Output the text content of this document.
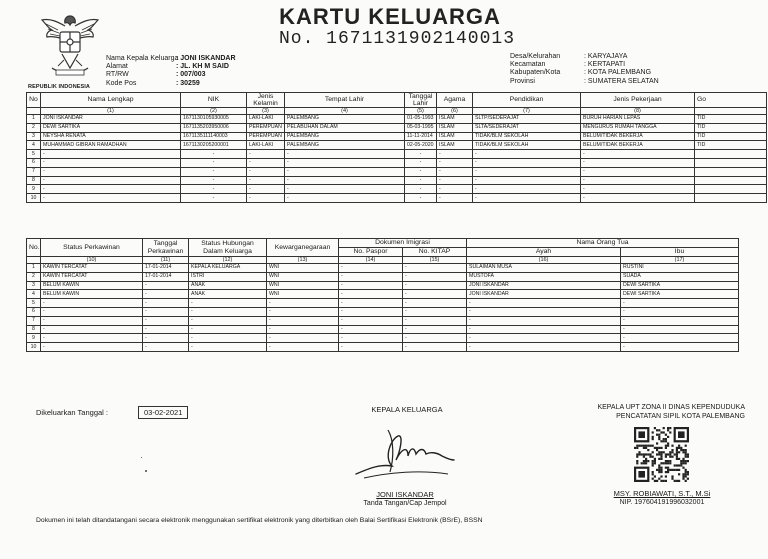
REPUBLIK INDONESIA
KARTU KELUARGA
No. 1671131902140013
Nama Kepala Keluarga
: JONI ISKANDAR
Alamat	: JL. KH M SAID
RT/RW	: 007/003
Kode Pos	: 30259
Desa/Kelurahan	: KARYAJAYA
Kecamatan	: KERTAPATI
Kabupaten/Kota	: KOTA PALEMBANG
Provinsi	: SUMATERA SELATAN
No	Nama Lengkap	NIK	Jenis Kelamin	Tempat Lahir	Tanggal Lahir	Agama	Pendidikan	Jenis Pekerjaan	Go
	(1)	(2)	(3)	(4)	(5)	(6)	(7)	(8)	
1	JONI ISKANDAR	1671130105930005	LAKI-LAKI	PALEMBANG	01-05-1993	ISLAM	SLTP/SEDERAJAT	BURUH HARIAN LEPAS	TID
2	DEWI SARTIKA	1671135203950006	PEREMPUAN	PELABUHAN DALAM	05-03-1995	ISLAM	SLTA/SEDERAJAT	MENGURUS RUMAH TANGGA	TID
3	NEYSHA RENATA	1671135111140003	PEREMPUAN	PALEMBANG	11-11-2014	ISLAM	TIDAK/BLM SEKOLAH	BELUM/TIDAK BEKERJA	TID
4	MUHAMMAD GIBRAN RAMADHAN	1671130205200001	LAKI-LAKI	PALEMBANG	02-05-2020	ISLAM	TIDAK/BLM SEKOLAH	BELUM/TIDAK BEKERJA	TID
5	-	-	-	-	-	-	-	-	
6	-	-	-	-	-	-	-	-	
7	-	-	-	-	-	-	-	-	
8	-	-	-	-	-	-	-	-	
9	-	-	-	-	-	-	-	-	
10	-	-	-	-	-	-	-	-	
No.	Status Perkawinan	Tanggal Perkawinan	Status Hubungan Dalam Keluarga	Kewarganegaraan	Dokumen Imigrasi		Nama Orang Tua	
					No. Paspor	No. KITAP	Ayah	Ibu
	(10)	(11)	(12)	(13)	(14)	(15)	(16)	(17)
1	KAWIN TERCATAT	17-01-2014	KEPALA KELUARGA	WNI	-	-	SULAIMAN MUSA	RUSTINI
2	KAWIN TERCATAT	17-01-2014	ISTRI	WNI	-	-	MUSTOFA	SUADA
3	BELUM KAWIN	-	ANAK	WNI	-	-	JONI ISKANDAR	DEWI SARTIKA
4	BELUM KAWIN	-	ANAK	WNI	-	-	JONI ISKANDAR	DEWI SARTIKA
5	-	-	-	-	-	-	-	-
6	-	-	-	-	-	-	-	-
7	-	-	-	-	-	-	-	-
8	-	-	-	-	-	-	-	-
9	-	-	-	-	-	-	-	-
10	-	-	-	-	-	-	-	-
Dikeluarkan Tanggal :	03-02-2021	KEPALA KELUARGA
JONI ISKANDAR
Tanda Tangan/Cap Jempol
KEPALA UPT ZONA II DINAS KEPENDUDUKA
PENCATATAN SIPIL KOTA PALEMBANG
MSY. ROBIAWATI, S.T., M.Si
NIP. 197604191996032001
Dokumen ini telah ditandatangani secara elektronik menggunakan sertifikat elektronik yang diterbitkan oleh Balai Sertifikasi Elektronik (BSrE), BSSN
